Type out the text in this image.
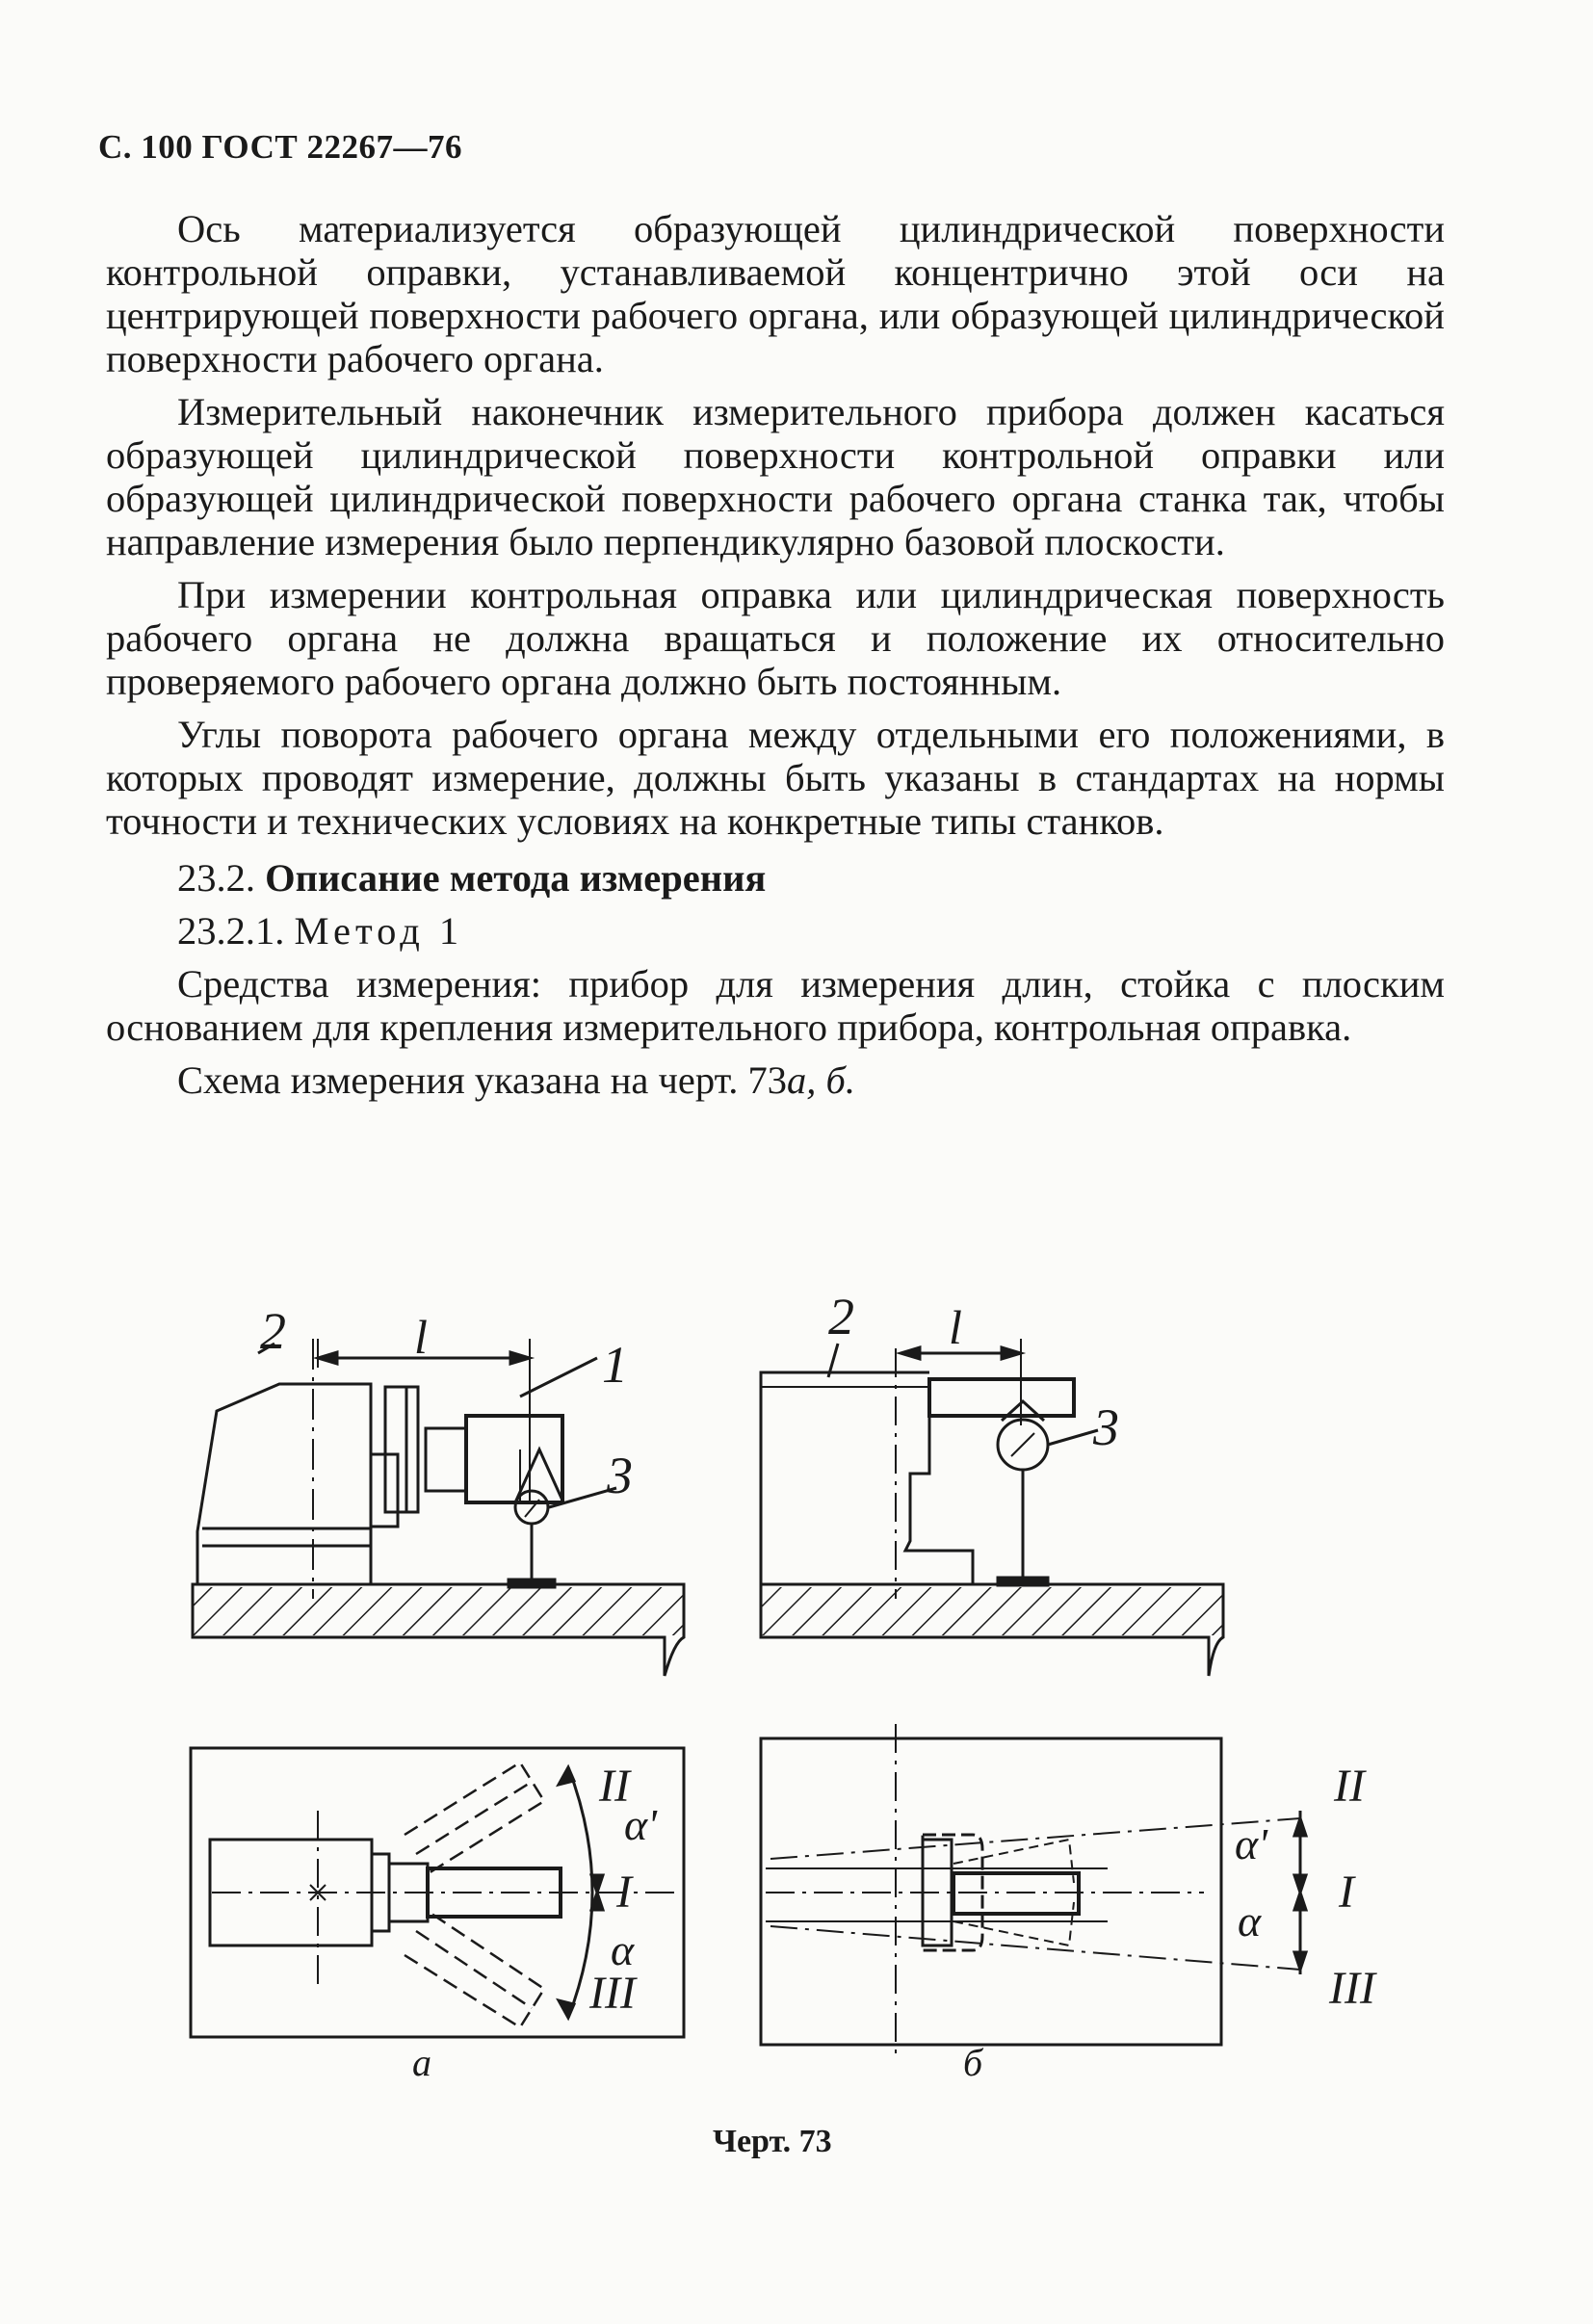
С. 100 ГОСТ 22267—76

Ось материализуется образующей цилиндрической поверхности контрольной оправки, устанавливаемой концентрично этой оси на центрирующей поверхности рабочего органа, или образующей цилиндрической поверхности рабочего органа.

Измерительный наконечник измерительного прибора должен касаться образующей цилиндрической поверхности контрольной оправки или образующей цилиндрической поверхности рабочего органа станка так, чтобы направление измерения было перпендикулярно базовой плоскости.

При измерении контрольная оправка или цилиндрическая поверхность рабочего органа не должна вращаться и положение их относительно проверяемого рабочего органа должно быть постоянным.

Углы поворота рабочего органа между отдельными его положениями, в которых проводят измерение, должны быть указаны в стандартах на нормы точности и технических условиях на конкретные типы станков.

23.2. Описание метода измерения

23.2.1. Метод 1

Средства измерения: прибор для измерения длин, стойка с плоским основанием для крепления измерительного прибора, контрольная оправка.

Схема измерения указана на черт. 73а, б.

2	l	1
3
2 l
3
II
α'
I
α
III
II
α'
I
α
III
а	б
Черт. 73
